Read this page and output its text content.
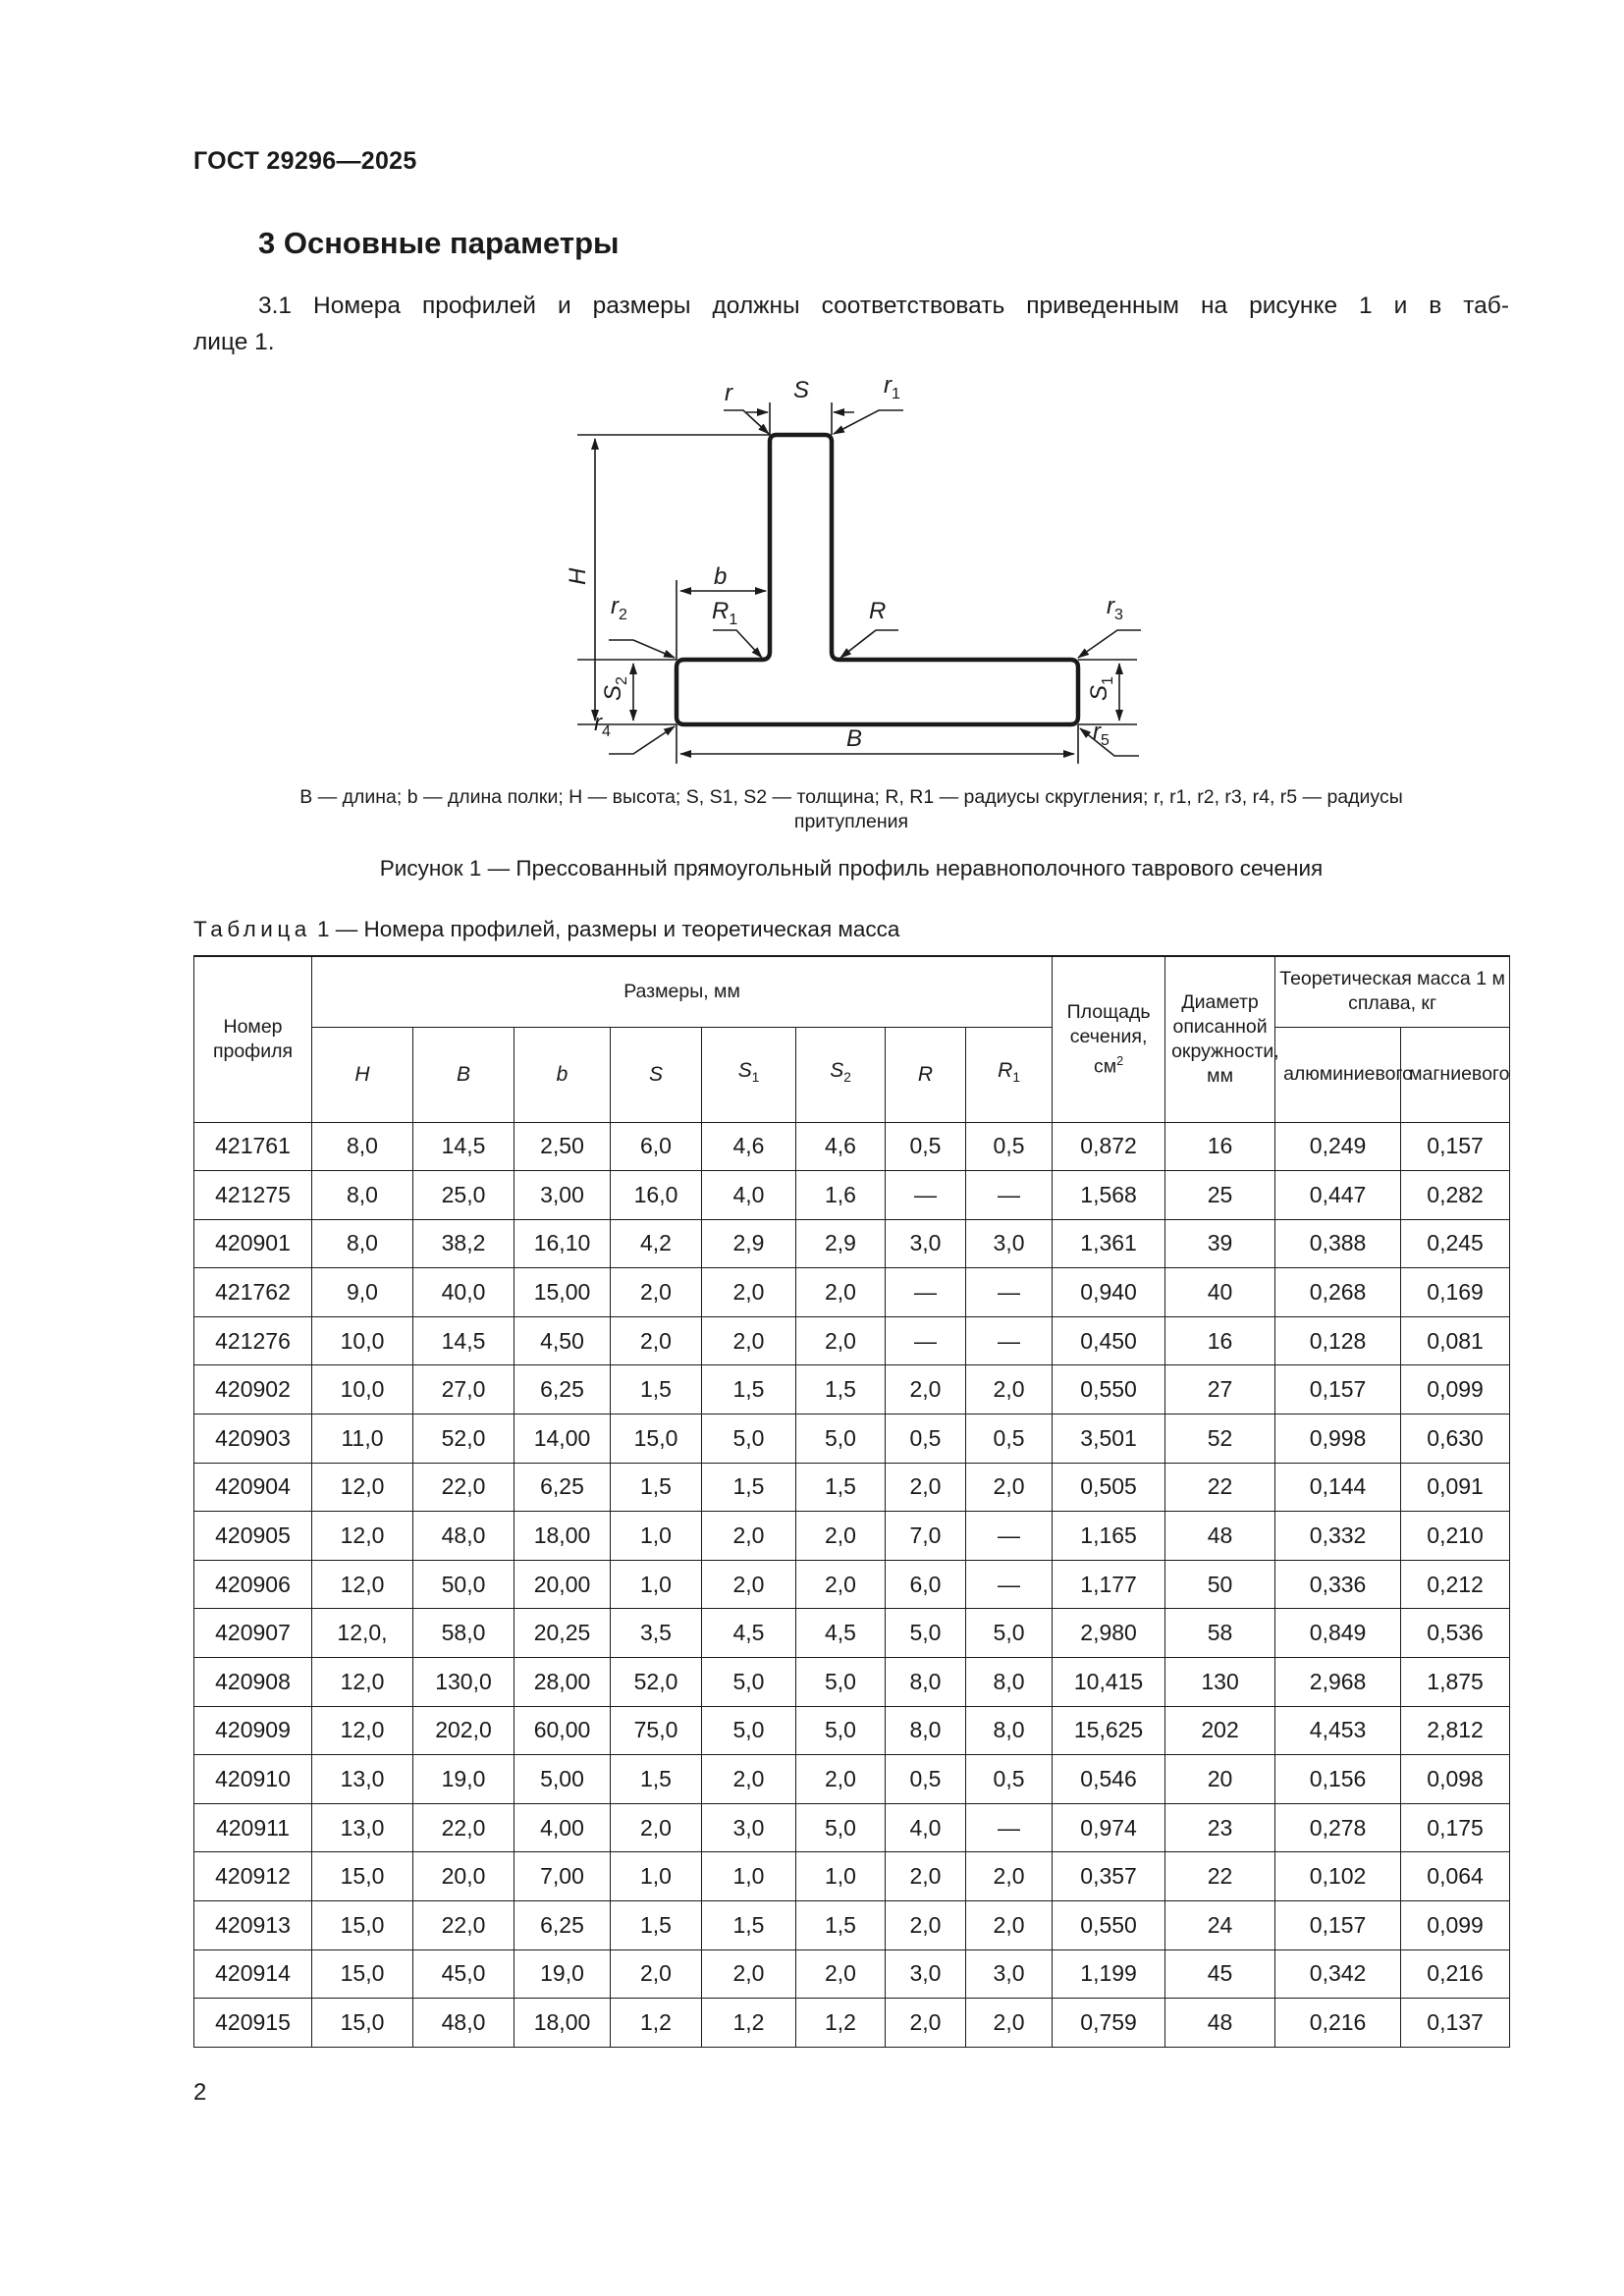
ГОСТ 29296—2025
3 Основные параметры
3.1 Номера профилей и размеры должны соответствовать приведенным на рисунке 1 и в таб-
лице 1.
r	S	$r_1$
H	b
$R_1$	R
$r_2$	$r_3$
$S_2$
$S_1$
$r_4$	B	$r_5$
B — длина; b — длина полки; H — высота; S, S1, S2 — толщина; R, R1 — радиусы скругления; r, r1, r2, r3, r4, r5 — радиусы
притупления
Рисунок 1 — Прессованный прямоугольный профиль неравнополочного таврового сечения
Таблица 1 — Номера профилей, размеры и теоретическая масса
Номер профиля	Размеры, мм								Площадь сечения, $см^2$	Диаметр описанной окружности, мм	Теоретическая масса 1 м сплава, кг	
	H	B	b	S	$S_1$	$S_2$	R	$R_1$			алюминиевого	магниевого
421761	8,0	14,5	2,50	6,0	4,6	4,6	0,5	0,5	0,872	16	0,249	0,157
421275	8,0	25,0	3,00	16,0	4,0	1,6	—	—	1,568	25	0,447	0,282
420901	8,0	38,2	16,10	4,2	2,9	2,9	3,0	3,0	1,361	39	0,388	0,245
421762	9,0	40,0	15,00	2,0	2,0	2,0	—	—	0,940	40	0,268	0,169
421276	10,0	14,5	4,50	2,0	2,0	2,0	—	—	0,450	16	0,128	0,081
420902	10,0	27,0	6,25	1,5	1,5	1,5	2,0	2,0	0,550	27	0,157	0,099
420903	11,0	52,0	14,00	15,0	5,0	5,0	0,5	0,5	3,501	52	0,998	0,630
420904	12,0	22,0	6,25	1,5	1,5	1,5	2,0	2,0	0,505	22	0,144	0,091
420905	12,0	48,0	18,00	1,0	2,0	2,0	7,0	—	1,165	48	0,332	0,210
420906	12,0	50,0	20,00	1,0	2,0	2,0	6,0	—	1,177	50	0,336	0,212
420907	12,0,	58,0	20,25	3,5	4,5	4,5	5,0	5,0	2,980	58	0,849	0,536
420908	12,0	130,0	28,00	52,0	5,0	5,0	8,0	8,0	10,415	130	2,968	1,875
420909	12,0	202,0	60,00	75,0	5,0	5,0	8,0	8,0	15,625	202	4,453	2,812
420910	13,0	19,0	5,00	1,5	2,0	2,0	0,5	0,5	0,546	20	0,156	0,098
420911	13,0	22,0	4,00	2,0	3,0	5,0	4,0	—	0,974	23	0,278	0,175
420912	15,0	20,0	7,00	1,0	1,0	1,0	2,0	2,0	0,357	22	0,102	0,064
420913	15,0	22,0	6,25	1,5	1,5	1,5	2,0	2,0	0,550	24	0,157	0,099
420914	15,0	45,0	19,0	2,0	2,0	2,0	3,0	3,0	1,199	45	0,342	0,216
420915	15,0	48,0	18,00	1,2	1,2	1,2	2,0	2,0	0,759	48	0,216	0,137
2
